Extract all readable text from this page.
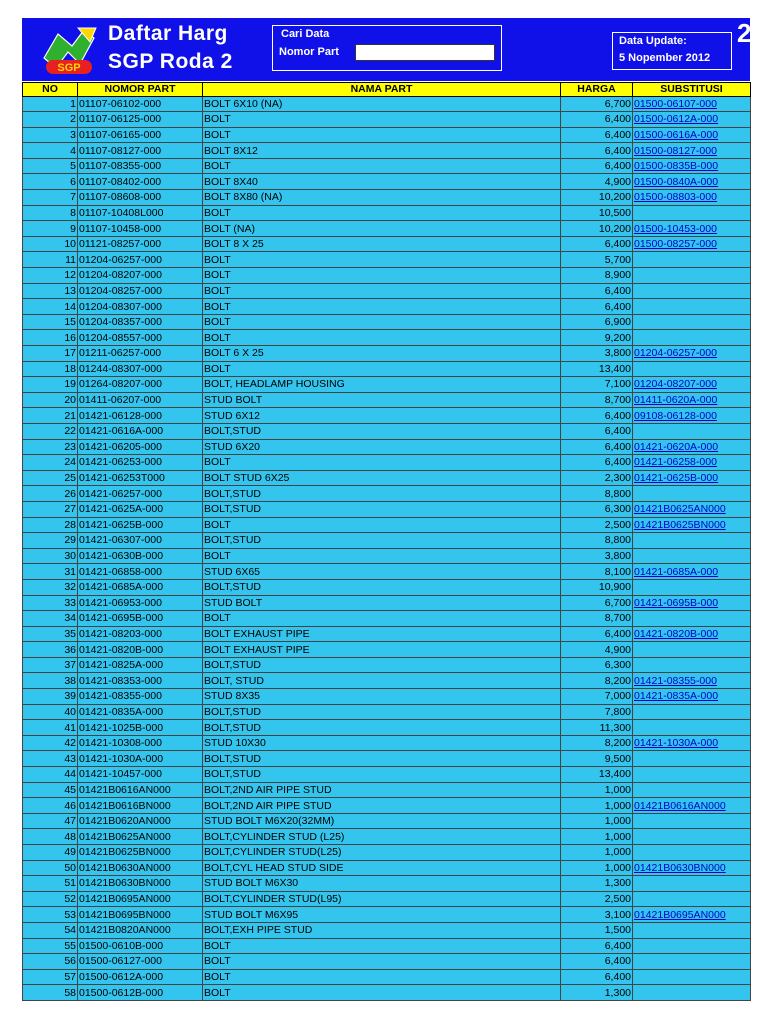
SGP
Daftar Harg
SGP Roda 2
Cari Data
Nomor Part
Data Update:
5 Nopember 2012
2
NO	NOMOR PART	NAMA PART	HARGA	SUBSTITUSI
1	01107-06102-000	BOLT 6X10 (NA)	6,700	01500-06107-000
2	01107-06125-000	BOLT	6,400	01500-0612A-000
3	01107-06165-000	BOLT	6,400	01500-0616A-000
4	01107-08127-000	BOLT 8X12	6,400	01500-08127-000
5	01107-08355-000	BOLT	6,400	01500-0835B-000
6	01107-08402-000	BOLT 8X40	4,900	01500-0840A-000
7	01107-08608-000	BOLT 8X80 (NA)	10,200	01500-08803-000
8	01107-10408L000	BOLT	10,500	
9	01107-10458-000	BOLT (NA)	10,200	01500-10453-000
10	01121-08257-000	BOLT 8 X 25	6,400	01500-08257-000
11	01204-06257-000	BOLT	5,700	
12	01204-08207-000	BOLT	8,900	
13	01204-08257-000	BOLT	6,400	
14	01204-08307-000	BOLT	6,400	
15	01204-08357-000	BOLT	6,900	
16	01204-08557-000	BOLT	9,200	
17	01211-06257-000	BOLT 6 X 25	3,800	01204-06257-000
18	01244-08307-000	BOLT	13,400	
19	01264-08207-000	BOLT, HEADLAMP HOUSING	7,100	01204-08207-000
20	01411-06207-000	STUD BOLT	8,700	01411-0620A-000
21	01421-06128-000	STUD 6X12	6,400	09108-06128-000
22	01421-0616A-000	BOLT,STUD	6,400	
23	01421-06205-000	STUD 6X20	6,400	01421-0620A-000
24	01421-06253-000	BOLT	6,400	01421-06258-000
25	01421-06253T000	BOLT STUD 6X25	2,300	01421-0625B-000
26	01421-06257-000	BOLT,STUD	8,800	
27	01421-0625A-000	BOLT,STUD	6,300	01421B0625AN000
28	01421-0625B-000	BOLT	2,500	01421B0625BN000
29	01421-06307-000	BOLT,STUD	8,800	
30	01421-0630B-000	BOLT	3,800	
31	01421-06858-000	STUD 6X65	8,100	01421-0685A-000
32	01421-0685A-000	BOLT,STUD	10,900	
33	01421-06953-000	STUD BOLT	6,700	01421-0695B-000
34	01421-0695B-000	BOLT	8,700	
35	01421-08203-000	BOLT EXHAUST PIPE	6,400	01421-0820B-000
36	01421-0820B-000	BOLT EXHAUST PIPE	4,900	
37	01421-0825A-000	BOLT,STUD	6,300	
38	01421-08353-000	BOLT, STUD	8,200	01421-08355-000
39	01421-08355-000	STUD 8X35	7,000	01421-0835A-000
40	01421-0835A-000	BOLT,STUD	7,800	
41	01421-1025B-000	BOLT,STUD	11,300	
42	01421-10308-000	STUD 10X30	8,200	01421-1030A-000
43	01421-1030A-000	BOLT,STUD	9,500	
44	01421-10457-000	BOLT,STUD	13,400	
45	01421B0616AN000	BOLT,2ND AIR PIPE STUD	1,000	
46	01421B0616BN000	BOLT,2ND AIR PIPE STUD	1,000	01421B0616AN000
47	01421B0620AN000	STUD BOLT M6X20(32MM)	1,000	
48	01421B0625AN000	BOLT,CYLINDER STUD (L25)	1,000	
49	01421B0625BN000	BOLT,CYLINDER STUD(L25)	1,000	
50	01421B0630AN000	BOLT,CYL HEAD STUD SIDE	1,000	01421B0630BN000
51	01421B0630BN000	STUD BOLT M6X30	1,300	
52	01421B0695AN000	BOLT,CYLINDER STUD(L95)	2,500	
53	01421B0695BN000	STUD BOLT M6X95	3,100	01421B0695AN000
54	01421B0820AN000	BOLT,EXH PIPE STUD	1,500	
55	01500-0610B-000	BOLT	6,400	
56	01500-06127-000	BOLT	6,400	
57	01500-0612A-000	BOLT	6,400	
58	01500-0612B-000	BOLT	1,300	
